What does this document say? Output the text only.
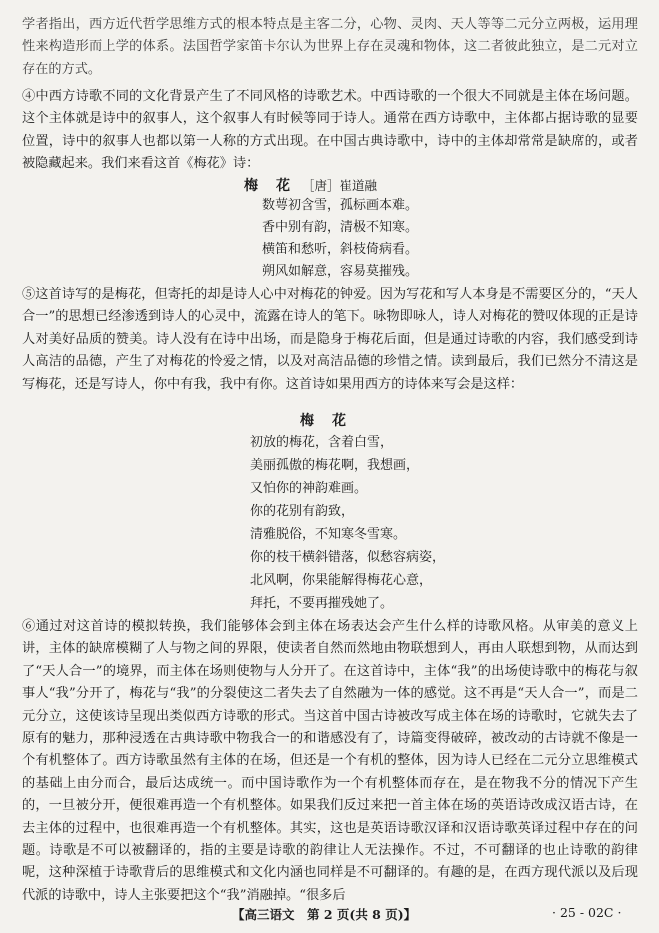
学者指出，西方近代哲学思维方式的根本特点是主客二分，心物、灵肉、天人等等二元分立两极，运用理性来构造形而上学的体系。法国哲学家笛卡尔认为世界上存在灵魂和物体，这二者彼此独立，是二元对立存在的方式。

④中西方诗歌不同的文化背景产生了不同风格的诗歌艺术。中西诗歌的一个很大不同就是主体在场问题。这个主体就是诗中的叙事人，这个叙事人有时候等同于诗人。通常在西方诗歌中，主体都占据诗歌的显要位置，诗中的叙事人也都以第一人称的方式出现。在中国古典诗歌中，诗中的主体却常常是缺席的，或者被隐藏起来。我们来看这首《梅花》诗：

梅　花 ［唐］崔道融
数萼初含雪，孤标画本难。
香中别有韵，清极不知寒。
横笛和愁听，斜枝倚病看。
朔风如解意，容易莫摧残。

⑤这首诗写的是梅花，但寄托的却是诗人心中对梅花的钟爱。因为写花和写人本身是不需要区分的，“天人合一”的思想已经渗透到诗人的心灵中，流露在诗人的笔下。咏物即咏人，诗人对梅花的赞叹体现的正是诗人对美好品质的赞美。诗人没有在诗中出场，而是隐身于梅花后面，但是通过诗歌的内容，我们感受到诗人高洁的品德，产生了对梅花的怜爱之情，以及对高洁品德的珍惜之情。读到最后，我们已然分不清这是写梅花，还是写诗人，你中有我，我中有你。这首诗如果用西方的诗体来写会是这样：

梅　花
初放的梅花，含着白雪，
美丽孤傲的梅花啊，我想画，
又怕你的神韵难画。
你的花别有韵致，
清雅脱俗，不知寒冬雪寒。
你的枝干横斜错落，似愁容病姿，
北风啊，你果能解得梅花心意，
拜托，不要再摧残她了。

⑥通过对这首诗的模拟转换，我们能够体会到主体在场表达会产生什么样的诗歌风格。从审美的意义上讲，主体的缺席模糊了人与物之间的界限，使读者自然而然地由物联想到人，再由人联想到物，从而达到了“天人合一”的境界，而主体在场则使物与人分开了。在这首诗中，主体“我”的出场使诗歌中的梅花与叙事人“我”分开了，梅花与“我”的分裂使这二者失去了自然融为一体的感觉。这不再是“天人合一”，而是二元分立，这使该诗呈现出类似西方诗歌的形式。当这首中国古诗被改写成主体在场的诗歌时，它就失去了原有的魅力，那种浸透在古典诗歌中物我合一的和谐感没有了，诗篇变得破碎，被改动的古诗就不像是一个有机整体了。西方诗歌虽然有主体的在场，但还是一个有机的整体，因为诗人已经在二元分立思维模式的基础上由分而合，最后达成统一。而中国诗歌作为一个有机整体而存在，是在物我不分的情况下产生的，一旦被分开，便很难再造一个有机整体。如果我们反过来把一首主体在场的英语诗改成汉语古诗，在去主体的过程中，也很难再造一个有机整体。其实，这也是英语诗歌汉译和汉语诗歌英译过程中存在的问题。诗歌是不可以被翻译的，指的主要是诗歌的韵律让人无法操作。不过，不可翻译的也止诗歌的韵律呢，这种深植于诗歌背后的思维模式和文化内涵也同样是不可翻译的。有趣的是，在西方现代派以及后现代派的诗歌中，诗人主张要把这个“我”消融掉。“很多后

【高三语文　第 2 页(共 8 页)】	· 25 - 02C ·
